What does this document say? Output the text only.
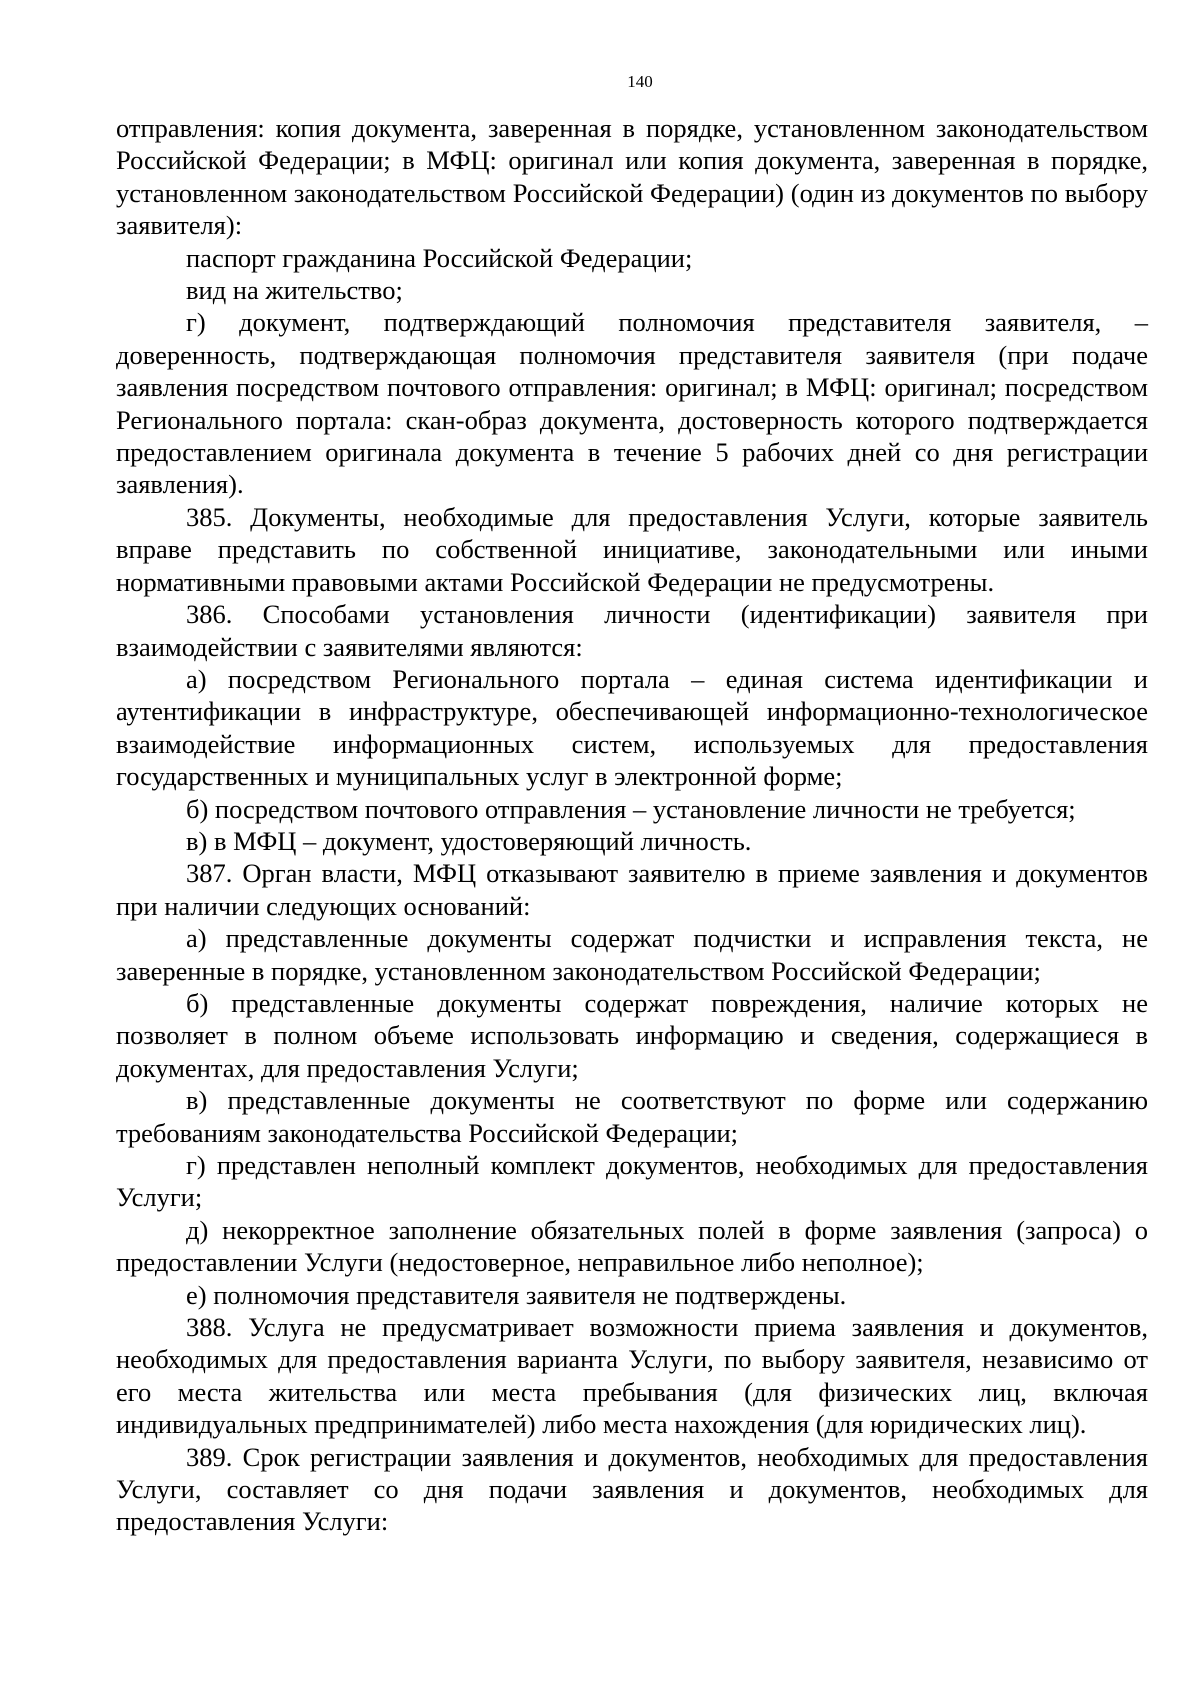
140

отправления: копия документа, заверенная в порядке, установленном законодательством Российской Федерации; в МФЦ: оригинал или копия документа, заверенная в порядке, установленном законодательством Российской Федерации) (один из документов по выбору заявителя):

паспорт гражданина Российской Федерации;

вид на жительство;

г) документ, подтверждающий полномочия представителя заявителя, – доверенность, подтверждающая полномочия представителя заявителя (при подаче заявления посредством почтового отправления: оригинал; в МФЦ: оригинал; посредством Регионального портала: скан-образ документа, достоверность которого подтверждается предоставлением оригинала документа в течение 5 рабочих дней со дня регистрации заявления).

385. Документы, необходимые для предоставления Услуги, которые заявитель вправе представить по собственной инициативе, законодательными или иными нормативными правовыми актами Российской Федерации не предусмотрены.

386. Способами установления личности (идентификации) заявителя при взаимодействии с заявителями являются:

а) посредством Регионального портала – единая система идентификации и аутентификации в инфраструктуре, обеспечивающей информационно-технологическое взаимодействие информационных систем, используемых для предоставления государственных и муниципальных услуг в электронной форме;

б) посредством почтового отправления – установление личности не требуется;

в) в МФЦ – документ, удостоверяющий личность.

387. Орган власти, МФЦ отказывают заявителю в приеме заявления и документов при наличии следующих оснований:

а) представленные документы содержат подчистки и исправления текста, не заверенные в порядке, установленном законодательством Российской Федерации;

б) представленные документы содержат повреждения, наличие которых не позволяет в полном объеме использовать информацию и сведения, содержащиеся в документах, для предоставления Услуги;

в) представленные документы не соответствуют по форме или содержанию требованиям законодательства Российской Федерации;

г) представлен неполный комплект документов, необходимых для предоставления Услуги;

д) некорректное заполнение обязательных полей в форме заявления (запроса) о предоставлении Услуги (недостоверное, неправильное либо неполное);

е) полномочия представителя заявителя не подтверждены.

388. Услуга не предусматривает возможности приема заявления и документов, необходимых для предоставления варианта Услуги, по выбору заявителя, независимо от его места жительства или места пребывания (для физических лиц, включая индивидуальных предпринимателей) либо места нахождения (для юридических лиц).

389. Срок регистрации заявления и документов, необходимых для предоставления Услуги, составляет со дня подачи заявления и документов, необходимых для предоставления Услуги:
